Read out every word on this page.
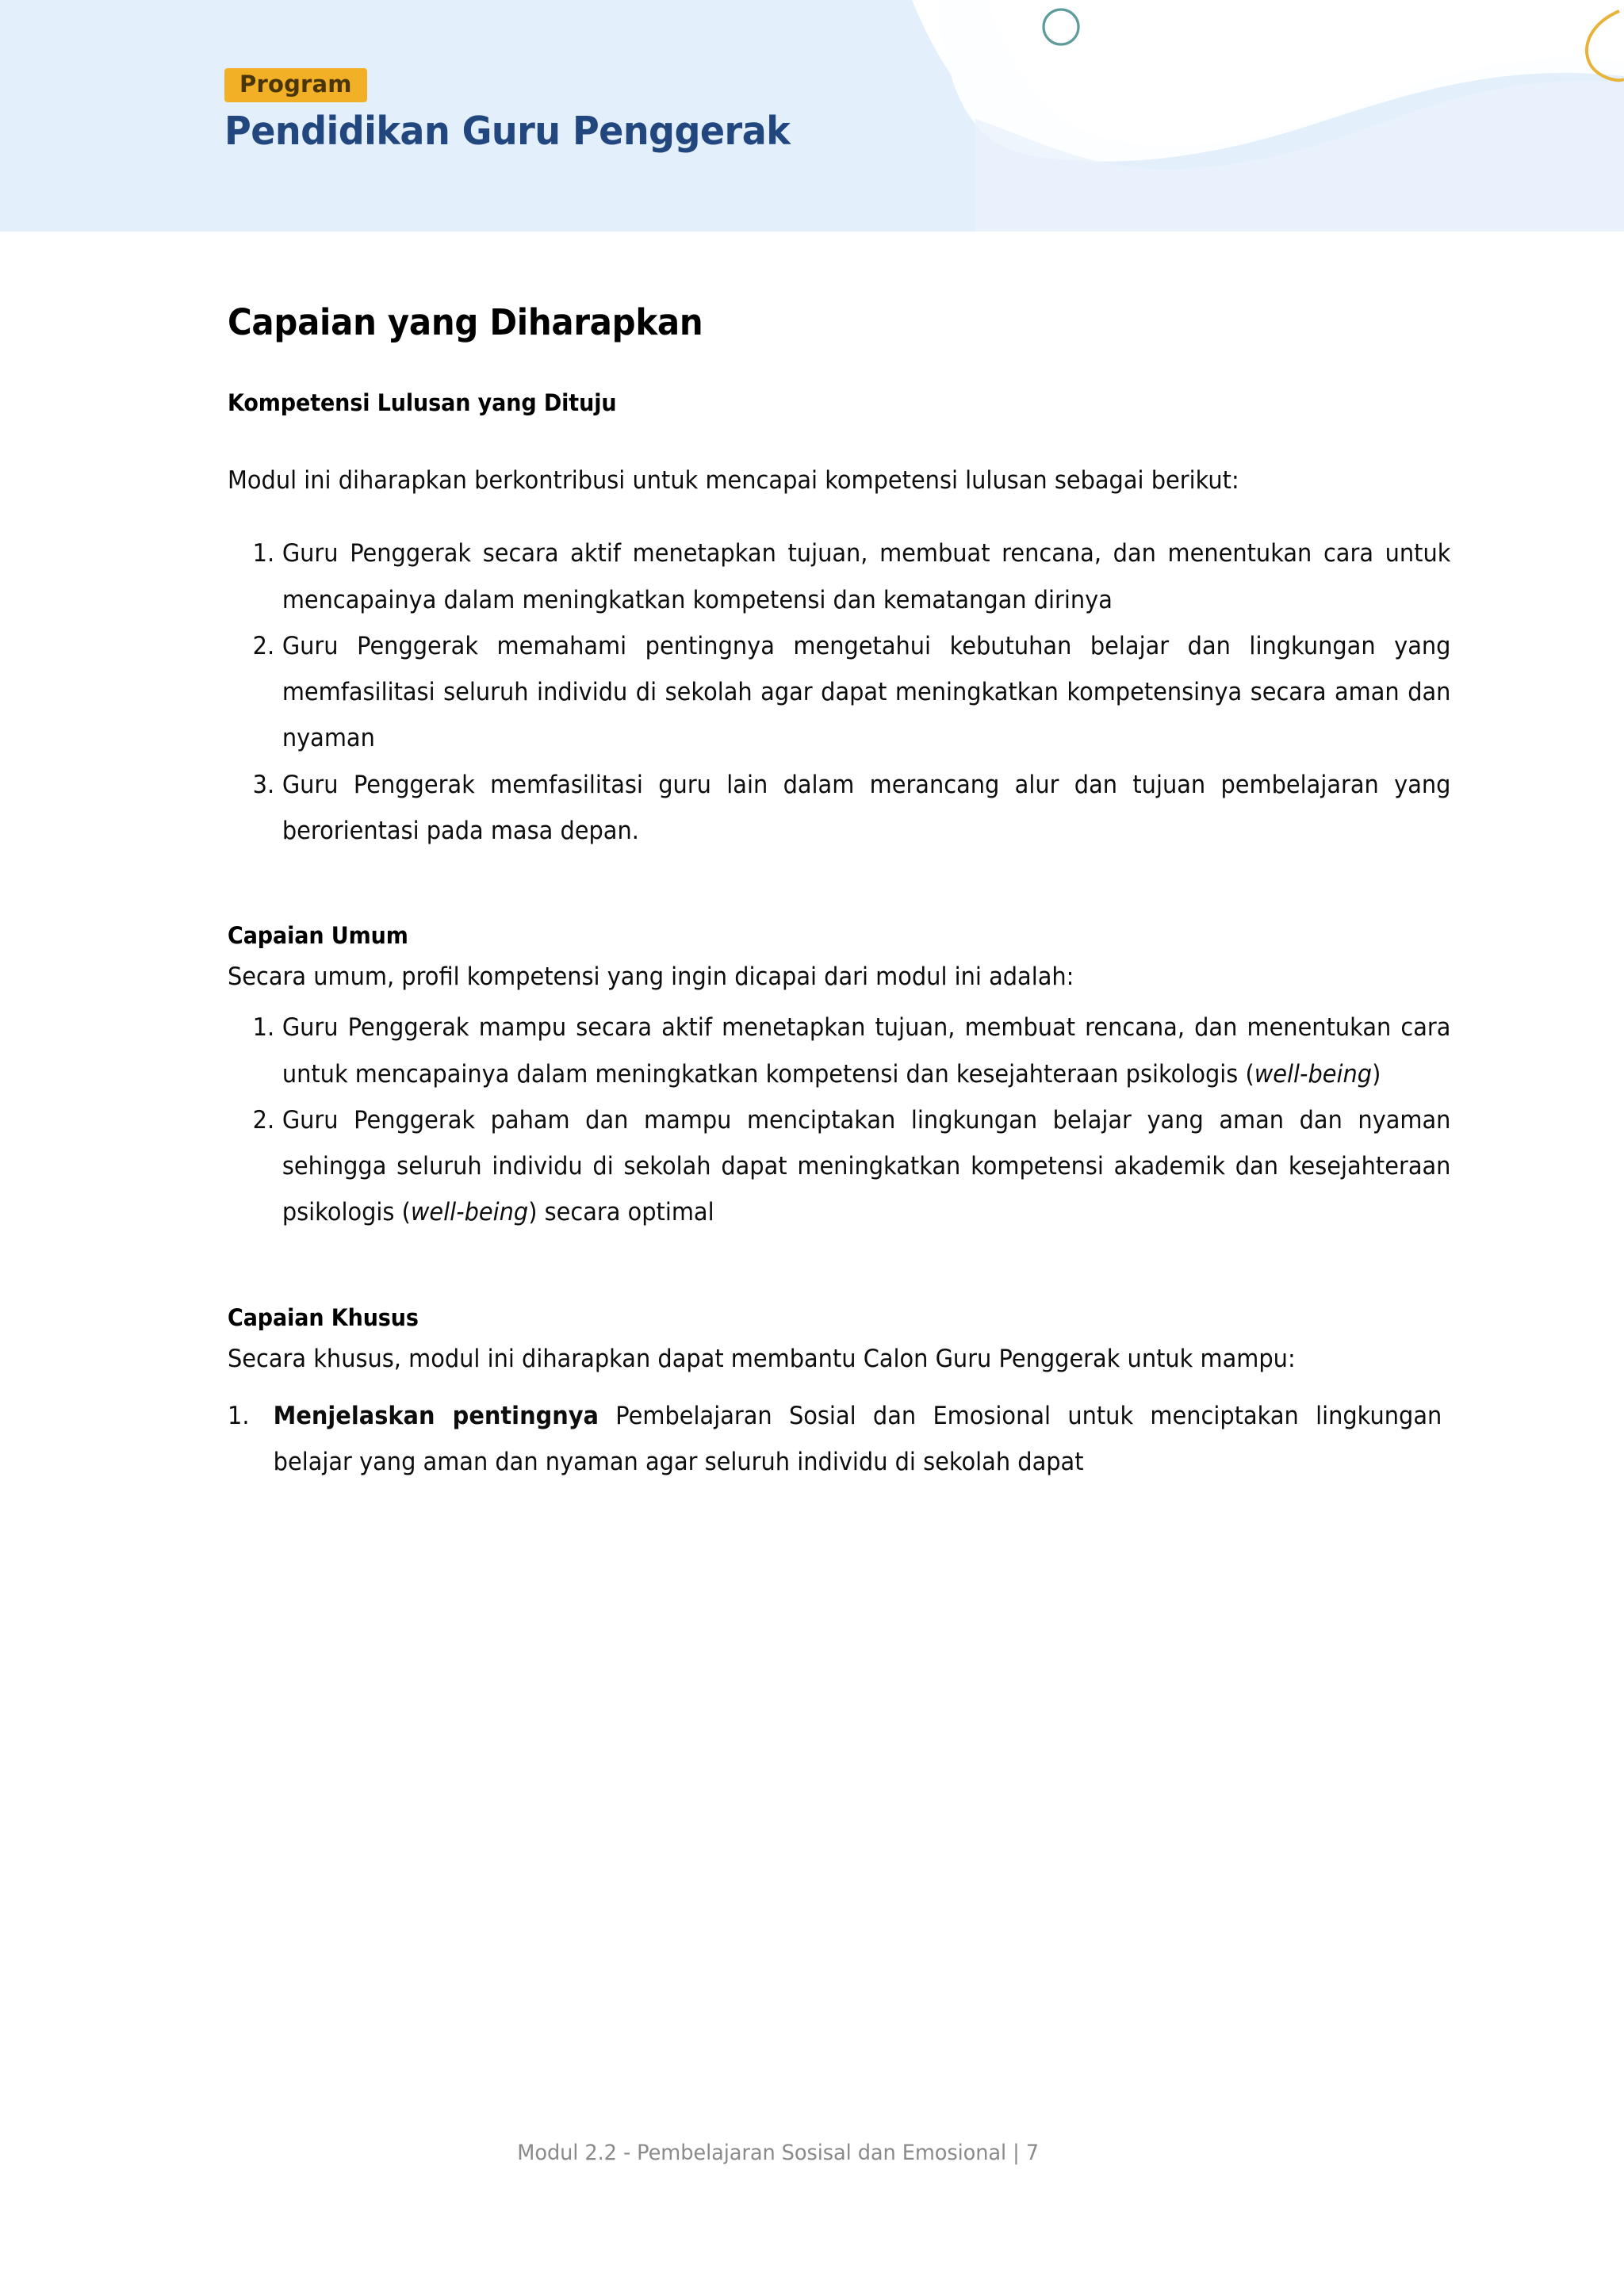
Program
Pendidikan Guru Penggerak
Capaian yang Diharapkan
Kompetensi Lulusan yang Dituju

Modul ini diharapkan berkontribusi untuk mencapai kompetensi lulusan sebagai berikut:

Guru Penggerak secara aktif menetapkan tujuan, membuat rencana, dan menentukan cara untuk mencapainya dalam meningkatkan kompetensi dan kematangan dirinya
Guru Penggerak memahami pentingnya mengetahui kebutuhan belajar dan lingkungan yang memfasilitasi seluruh individu di sekolah agar dapat meningkatkan kompetensinya secara aman dan nyaman
Guru Penggerak memfasilitasi guru lain dalam merancang alur dan tujuan pembelajaran yang berorientasi pada masa depan.
Capaian Umum

Secara umum, profil kompetensi yang ingin dicapai dari modul ini adalah:

Guru Penggerak mampu secara aktif menetapkan tujuan, membuat rencana, dan menentukan cara untuk mencapainya dalam meningkatkan kompetensi dan kesejahteraan psikologis (well-being)
Guru Penggerak paham dan mampu menciptakan lingkungan belajar yang aman dan nyaman sehingga seluruh individu di sekolah dapat meningkatkan kompetensi akademik dan kesejahteraan psikologis (well-being) secara optimal
Capaian Khusus

Secara khusus, modul ini diharapkan dapat membantu Calon Guru Penggerak untuk mampu:

Menjelaskan pentingnya Pembelajaran Sosial dan Emosional untuk menciptakan lingkungan belajar yang aman dan nyaman agar seluruh individu di sekolah dapat
Modul 2.2 - Pembelajaran Sosisal dan Emosional | 7
